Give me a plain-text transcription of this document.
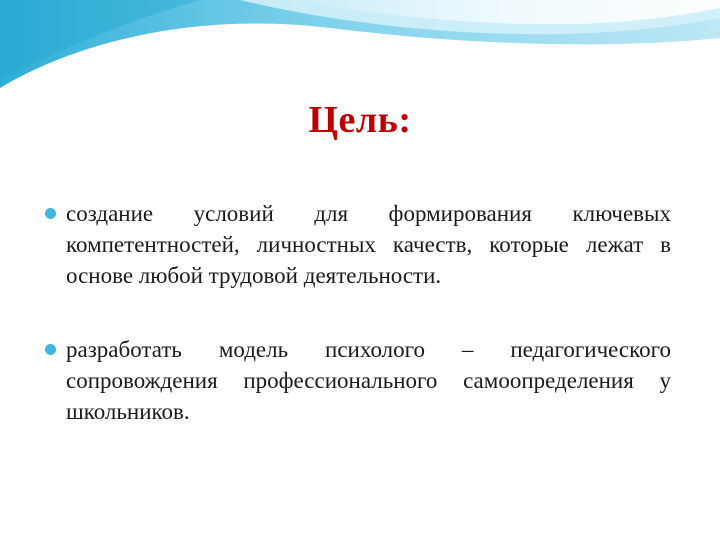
Цель:
создание условий для формирования ключевых компетентностей, личностных качеств, которые лежат в основе любой трудовой деятельности.
разработать модель психолого – педагогического сопровождения профессионального самоопределения у школьников.
